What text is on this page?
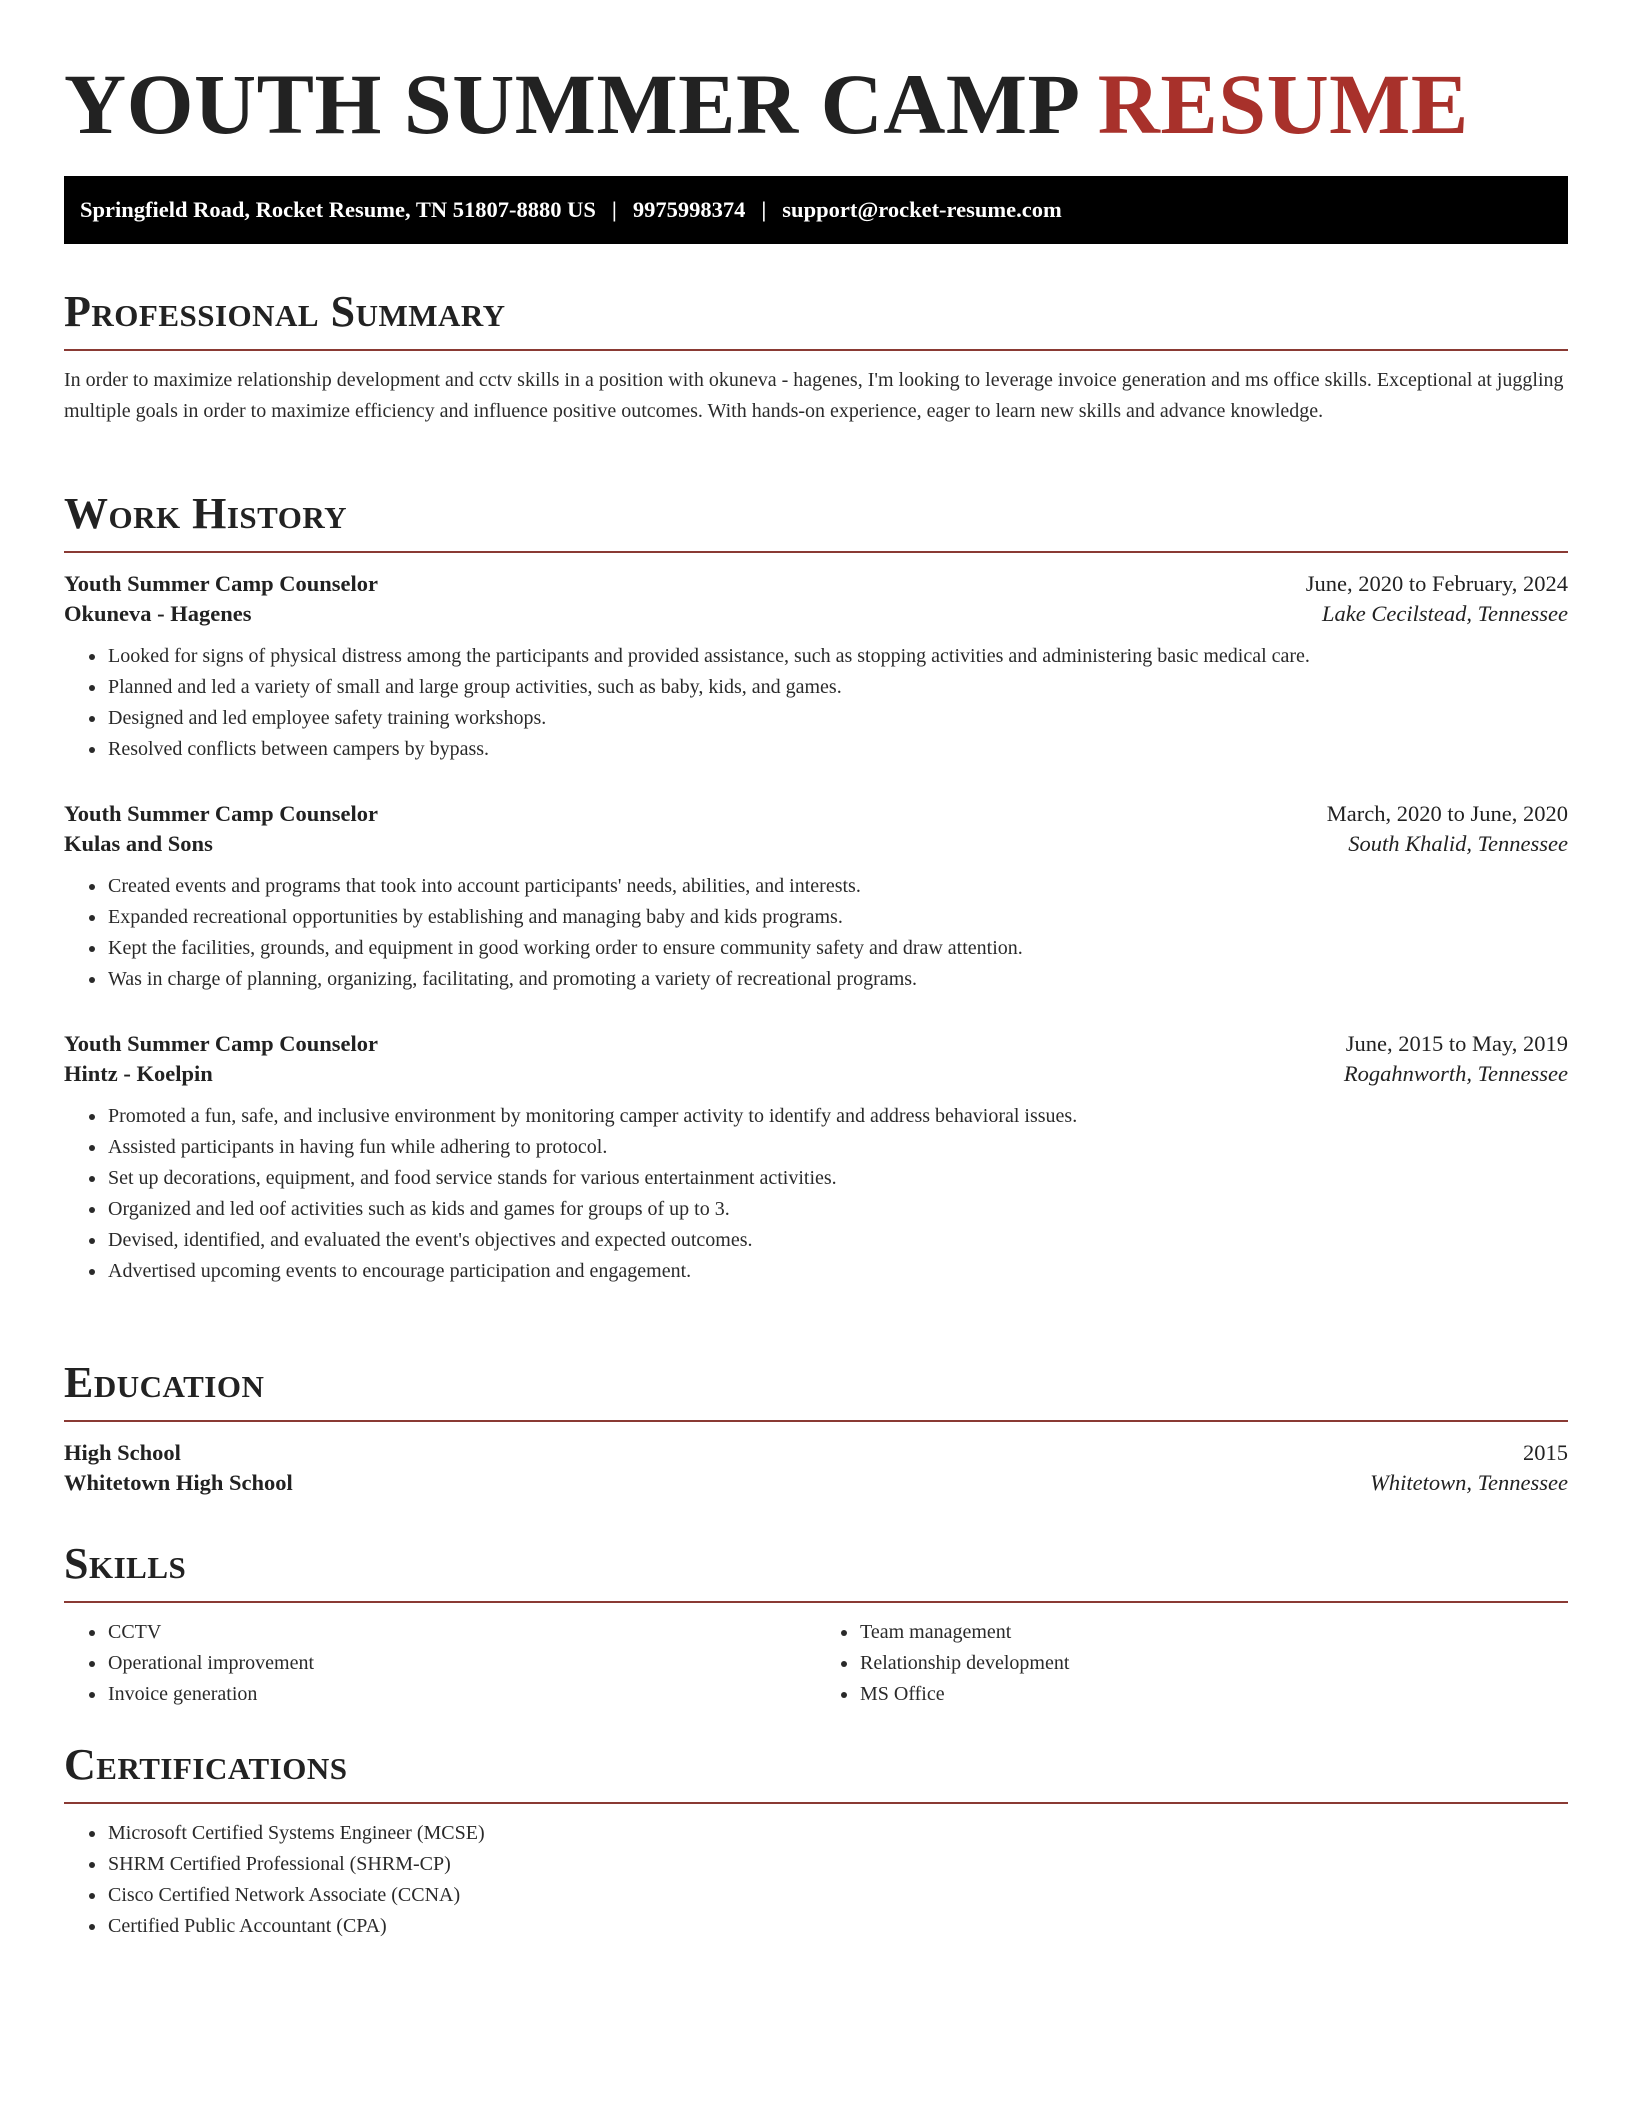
YOUTH SUMMER CAMP RESUME
Springfield Road, Rocket Resume, TN 51807-8880 US | 9975998374 | support@rocket-resume.com
Professional Summary

In order to maximize relationship development and cctv skills in a position with okuneva - hagenes, I'm looking to leverage invoice generation and ms office skills. Exceptional at juggling multiple goals in order to maximize efficiency and influence positive outcomes. With hands-on experience, eager to learn new skills and advance knowledge.

Work History
Youth Summer Camp Counselor	June, 2020 to February, 2024
Okuneva - Hagenes	Lake Cecilstead, Tennessee
• Looked for signs of physical distress among the participants and provided assistance, such as stopping activities and administering basic medical care.
• Planned and led a variety of small and large group activities, such as baby, kids, and games.
• Designed and led employee safety training workshops.
• Resolved conflicts between campers by bypass.
Youth Summer Camp Counselor	March, 2020 to June, 2020
Kulas and Sons	South Khalid, Tennessee
• Created events and programs that took into account participants' needs, abilities, and interests.
• Expanded recreational opportunities by establishing and managing baby and kids programs.
• Kept the facilities, grounds, and equipment in good working order to ensure community safety and draw attention.
• Was in charge of planning, organizing, facilitating, and promoting a variety of recreational programs.
Youth Summer Camp Counselor	June, 2015 to May, 2019
Hintz - Koelpin	Rogahnworth, Tennessee
• Promoted a fun, safe, and inclusive environment by monitoring camper activity to identify and address behavioral issues.
• Assisted participants in having fun while adhering to protocol.
• Set up decorations, equipment, and food service stands for various entertainment activities.
• Organized and led oof activities such as kids and games for groups of up to 3.
• Devised, identified, and evaluated the event's objectives and expected outcomes.
• Advertised upcoming events to encourage participation and engagement.
Education
High School	2015
Whitetown High School	Whitetown, Tennessee
Skills
• CCTV
• Operational improvement
• Invoice generation
• Team management
• Relationship development
• MS Office
Certifications
• Microsoft Certified Systems Engineer (MCSE)
• SHRM Certified Professional (SHRM-CP)
• Cisco Certified Network Associate (CCNA)
• Certified Public Accountant (CPA)
